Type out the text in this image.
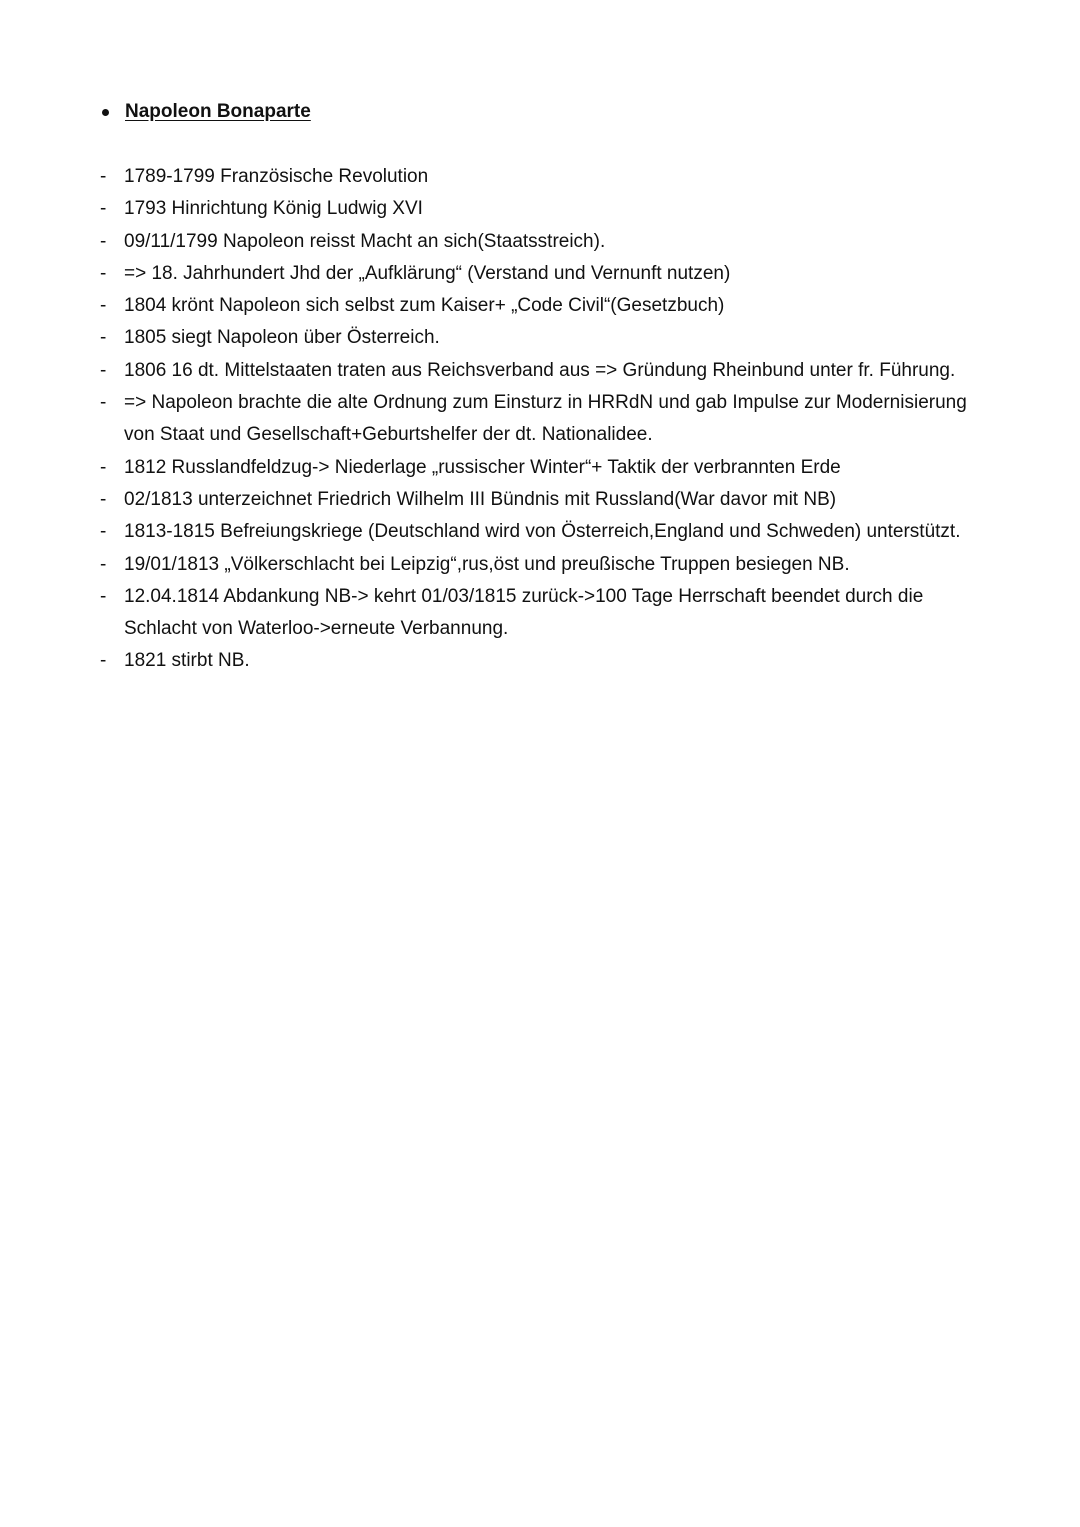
Napoleon Bonaparte
- 1789-1799 Französische Revolution
- 1793 Hinrichtung König Ludwig XVI
- 09/11/1799 Napoleon reisst Macht an sich(Staatsstreich).
- => 18. Jahrhundert Jhd der „Aufklärung“ (Verstand und Vernunft nutzen)
- 1804 krönt Napoleon sich selbst zum Kaiser+ „Code Civil“(Gesetzbuch)
- 1805 siegt Napoleon über Österreich.
- 1806 16 dt. Mittelstaaten traten aus Reichsverband aus => Gründung Rheinbund unter fr. Führung.
- => Napoleon brachte die alte Ordnung zum Einsturz in HRRdN und gab Impulse zur Modernisierung von Staat und Gesellschaft+Geburtshelfer der dt. Nationalidee.
- 1812 Russlandfeldzug-> Niederlage „russischer Winter“+ Taktik der verbrannten Erde
- 02/1813 unterzeichnet Friedrich Wilhelm III Bündnis mit Russland(War davor mit NB)
- 1813-1815 Befreiungskriege (Deutschland wird von Österreich,England und Schweden) unterstützt.
- 19/01/1813 „Völkerschlacht bei Leipzig“,rus,öst und preußische Truppen besiegen NB.
- 12.04.1814 Abdankung NB-> kehrt 01/03/1815 zurück->100 Tage Herrschaft beendet durch die Schlacht von Waterloo->erneute Verbannung.
- 1821 stirbt NB.
